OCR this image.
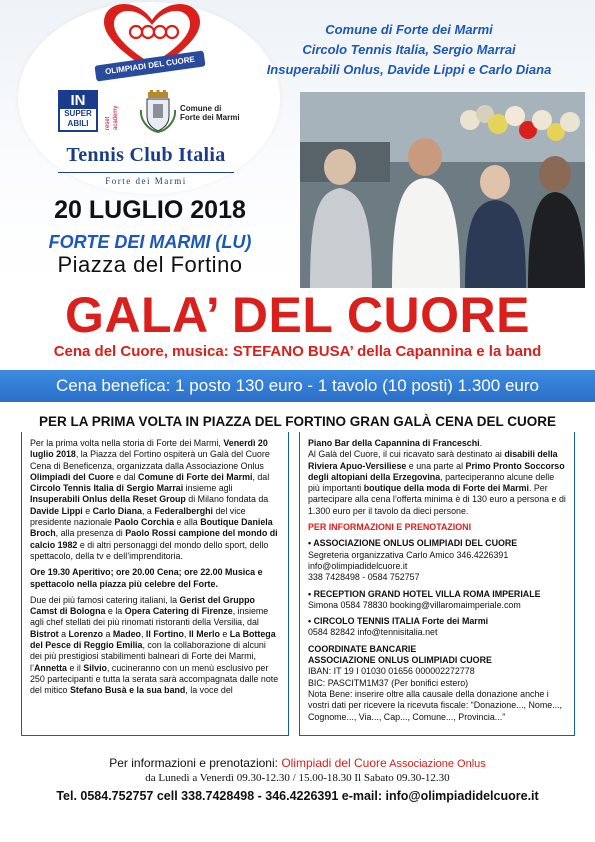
OLIMPIADI DEL CUORE
IN
SUPER
ABILI	reset academy	Comune di
Forte dei Marmi
Tennis Club Italia
Forte dei Marmi
Comune di Forte dei Marmi
Circolo Tennis Italia, Sergio Marrai
Insuperabili Onlus, Davide Lippi e Carlo Diana
20 LUGLIO 2018
FORTE DEI MARMI (LU)
Piazza del Fortino
GALA’ DEL CUORE
Cena del Cuore, musica: STEFANO BUSA’ della Capannina e la band
Cena benefica: 1 posto 130 euro - 1 tavolo (10 posti) 1.300 euro
PER LA PRIMA VOLTA IN PIAZZA DEL FORTINO GRAN GALÀ CENA DEL CUORE

Per la prima volta nella storia di Forte dei Marmi, Venerdì 20 luglio 2018, la Piazza del Fortino ospiterà un Galà del Cuore Cena di Beneficenza, organizzata dalla Associazione Onlus Olimpiadi del Cuore e dal Comune di Forte dei Marmi, dal Circolo Tennis Italia di Sergio Marrai insieme agli Insuperabili Onlus della Reset Group di Milano fondata da Davide Lippi e Carlo Diana, a Federalberghi del vice presidente nazionale Paolo Corchia e alla Boutique Daniela Broch, alla presenza di Paolo Rossi campione del mondo di calcio 1982 e di altri personaggi del mondo dello sport, dello spettacolo, della tv e dell’imprenditoria.

Ore 19.30 Aperitivo; ore 20.00 Cena; ore 22.00 Musica e spettacolo nella piazza più celebre del Forte.

Due dei più famosi catering italiani, la Gerist del Gruppo Camst di Bologna e la Opera Catering di Firenze, insieme agli chef stellati dei più rinomati ristoranti della Versilia, dal Bistrot a Lorenzo a Madeo, Il Fortino, Il Merlo e La Bottega del Pesce di Reggio Emilia, con la collaborazione di alcuni dei più prestigiosi stabilimenti balneari di Forte dei Marmi, l’Annetta e il Silvio, cucineranno con un menù esclusivo per 250 partecipanti e tutta la serata sarà accompagnata dalle note del mitico Stefano Busà e la sua band, la voce del

Piano Bar della Capannina di Franceschi.
Al Galà del Cuore, il cui ricavato sarà destinato ai disabili della Riviera Apuo-Versiliese e una parte al Primo Pronto Soccorso degli altopiani della Erzegovina, parteciperanno alcune delle più importanti boutique della moda di Forte dei Marmi. Per partecipare alla cena l’offerta minima è di 130 euro a persona e di 1.300 euro per il tavolo da dieci persone.

PER INFORMAZIONI E PRENOTAZIONI

• ASSOCIAZIONE ONLUS OLIMPIADI DEL CUORE
Segreteria organizzativa Carlo Amico 346.4226391
info@olimpiadidelcuore.it
338 7428498 - 0584 752757

• RECEPTION GRAND HOTEL VILLA ROMA IMPERIALE
Simona 0584 78830 booking@villaromaimperiale.com

• CIRCOLO TENNIS ITALIA Forte dei Marmi
0584 82842 info@tennisitalia.net

COORDINATE BANCARIE
ASSOCIAZIONE ONLUS OLIMPIADI CUORE
IBAN: IT 19 I 01030 01656 000002272778
BIC: PASCITM1M37 (Per bonifici estero)
Nota Bene: inserire oltre alla causale della donazione anche i vostri dati per ricevere la ricevuta fiscale: “Donazione..., Nome..., Cognome..., Via..., Cap..., Comune..., Provincia...”

Per informazioni e prenotazioni: Olimpiadi del Cuore Associazione Onlus
da Lunedì a Venerdì 09.30-12.30 / 15.00-18.30 Il Sabato 09.30-12.30
Tel. 0584.752757 cell 338.7428498 - 346.4226391 e-mail: info@olimpiadidelcuore.it
